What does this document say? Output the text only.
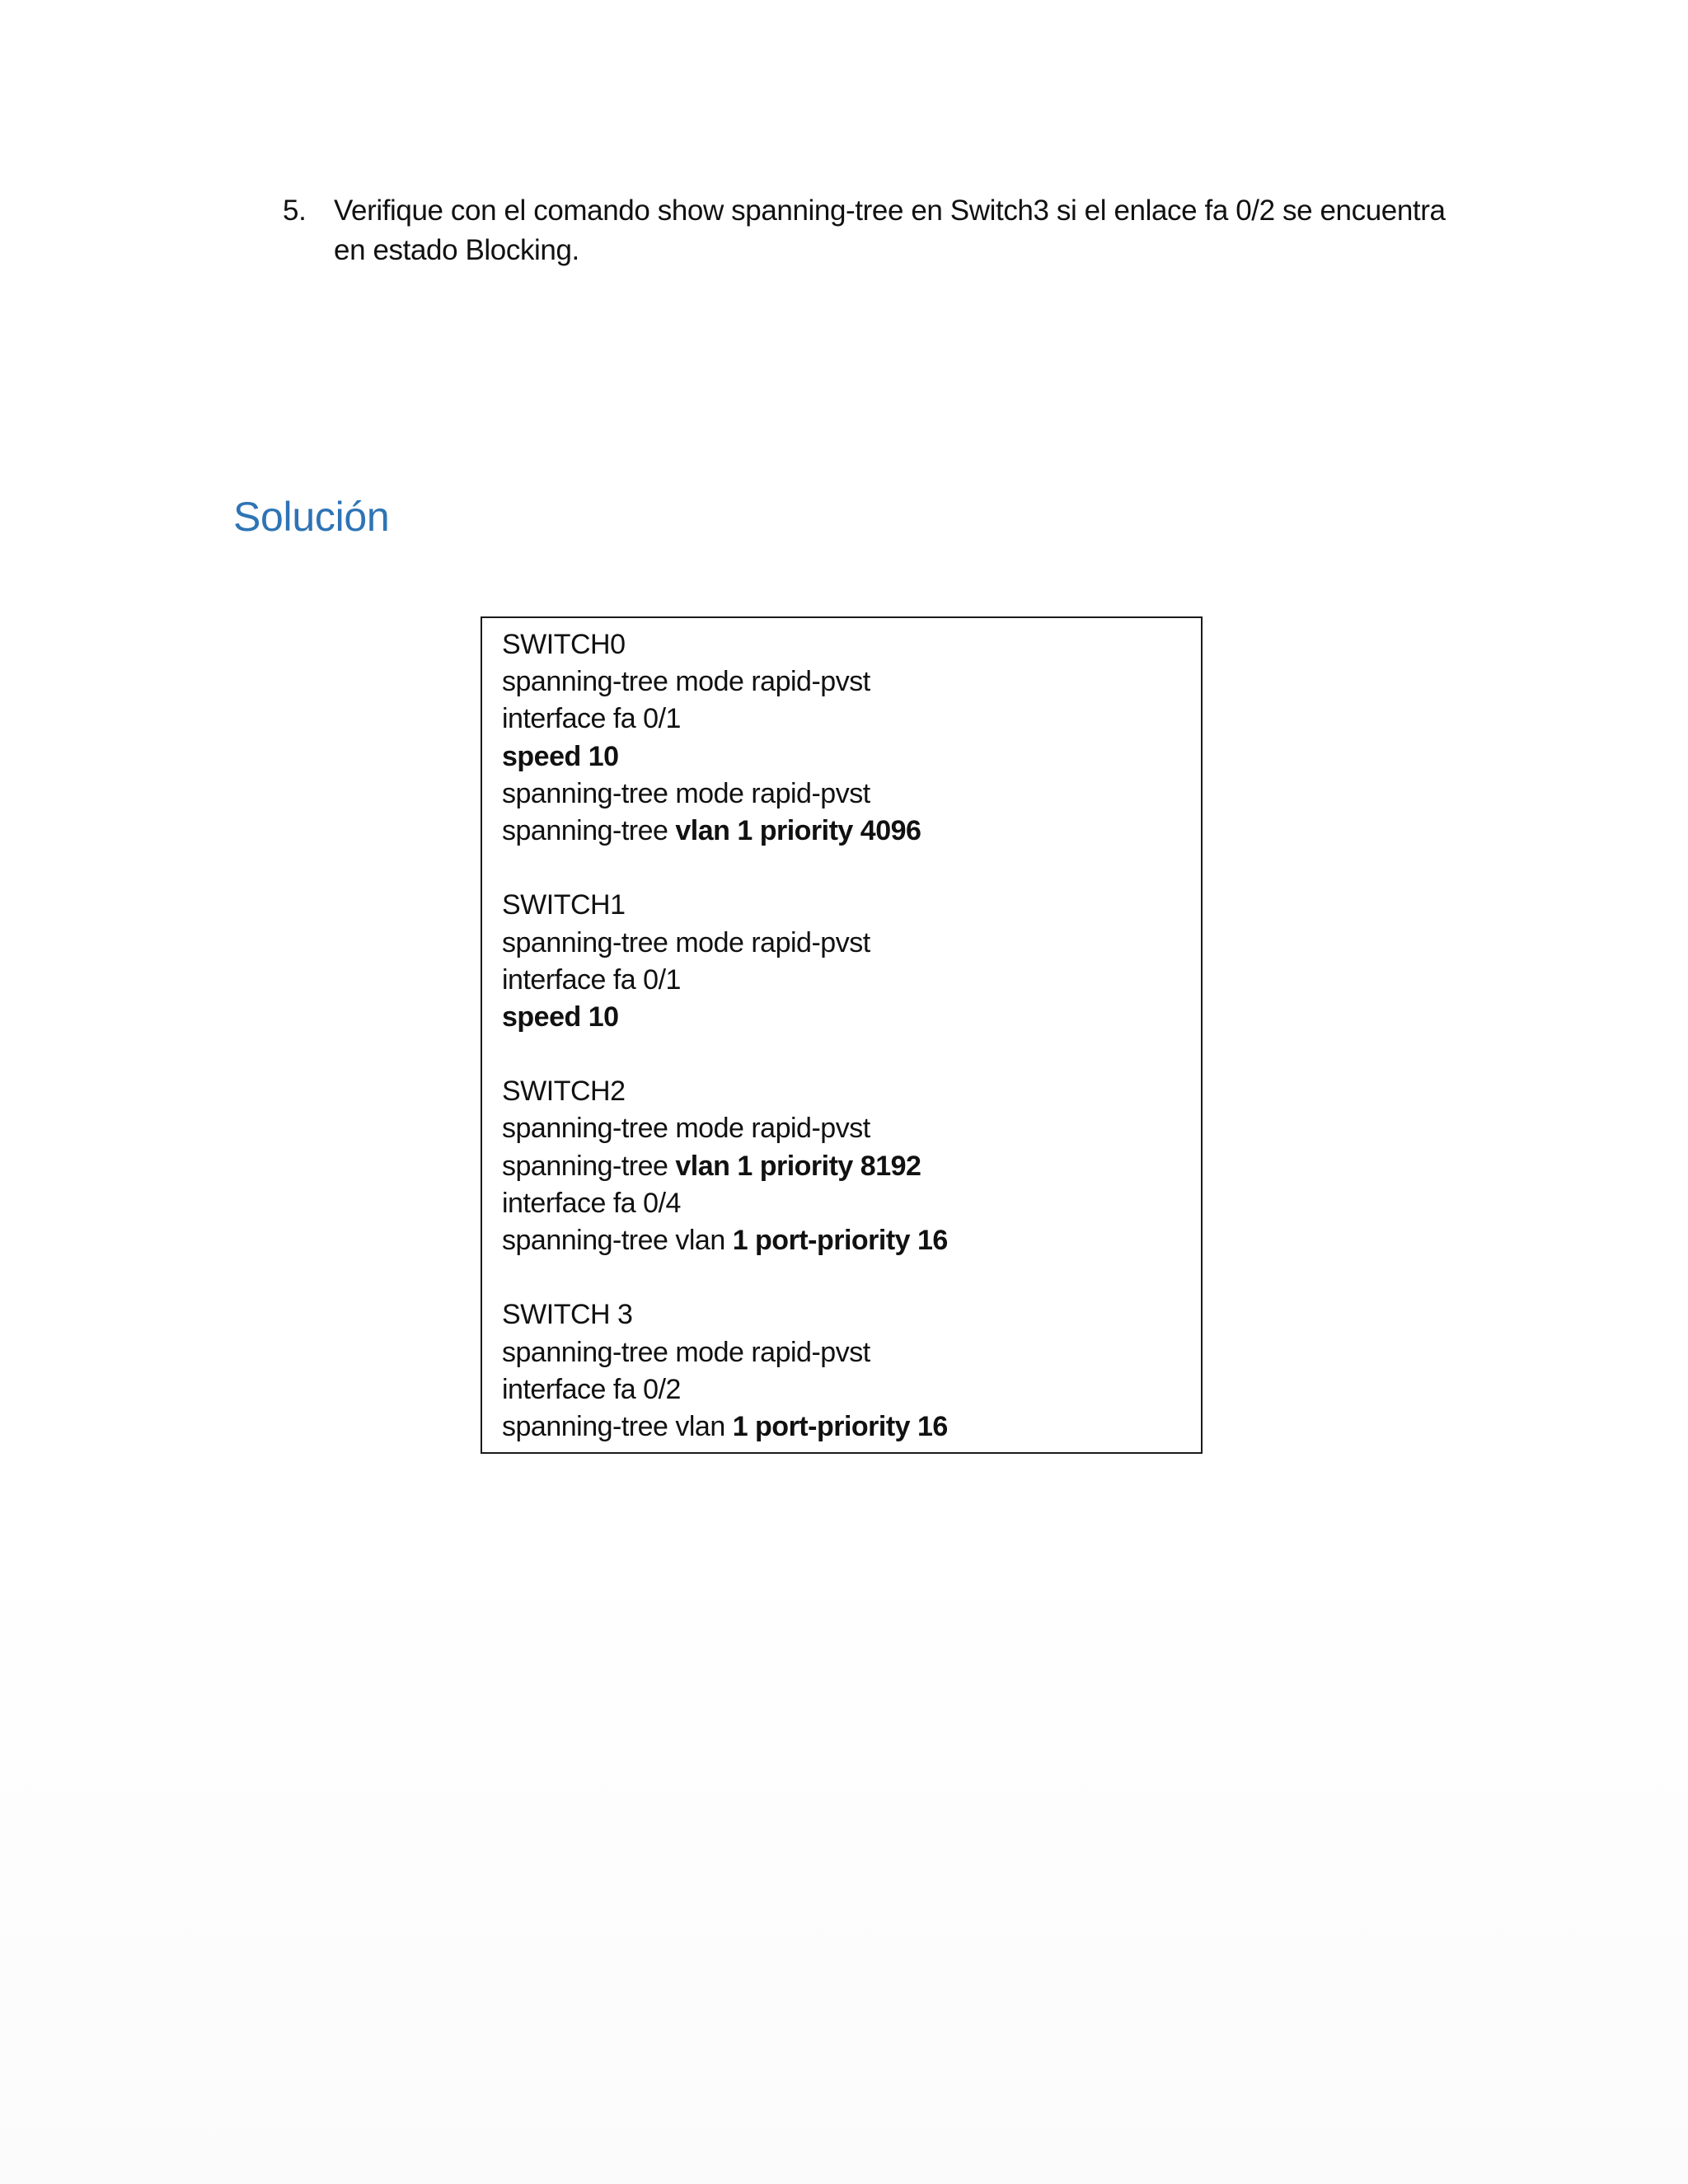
5. Verifique con el comando show spanning-tree en Switch3 si el enlace fa 0/2 se encuentra
en estado Blocking.
Solución
SWITCH0
spanning-tree mode rapid-pvst
interface fa 0/1
speed 10
spanning-tree mode rapid-pvst
spanning-tree vlan 1 priority 4096
SWITCH1
spanning-tree mode rapid-pvst
interface fa 0/1
speed 10
SWITCH2
spanning-tree mode rapid-pvst
spanning-tree vlan 1 priority 8192
interface fa 0/4
spanning-tree vlan 1 port-priority 16
SWITCH 3
spanning-tree mode rapid-pvst
interface fa 0/2
spanning-tree vlan 1 port-priority 16
